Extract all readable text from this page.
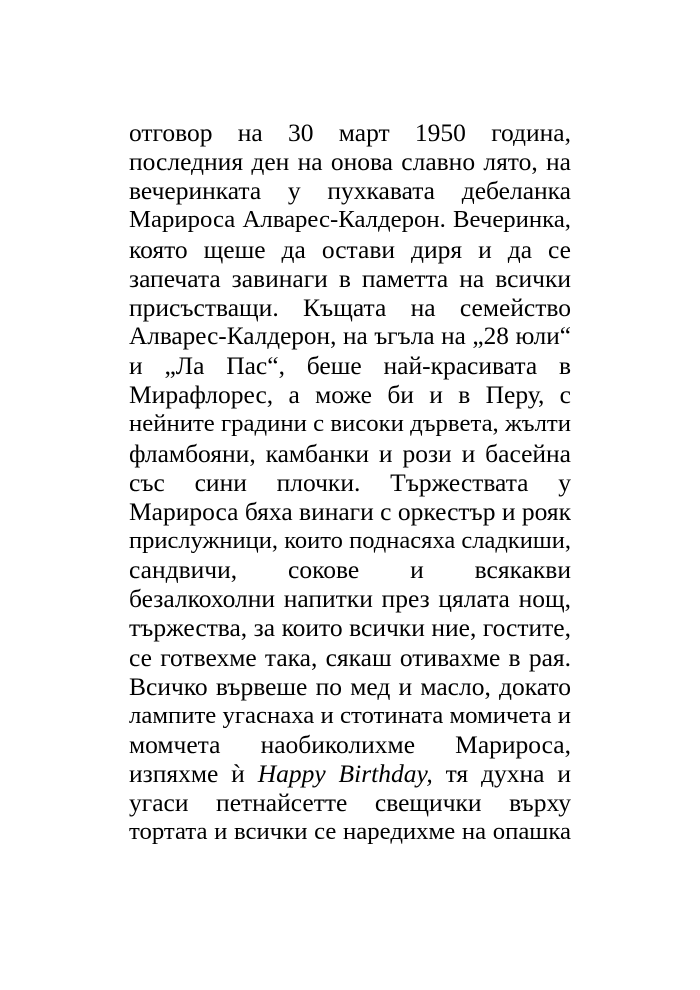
отговор на 30 март 1950 година,
последния ден на онова славно лято, на
вечеринката у пухкавата дебеланка
Марироса Алварес-Калдерон. Вечеринка,
която щеше да остави диря и да се
запечата завинаги в паметта на всички
присъстващи. Къщата на семейство
Алварес-Калдерон, на ъгъла на „28 юли“
и „Ла Пас“, беше най-красивата в
Мирафлорес, а може би и в Перу, с
нейните градини с високи дървета, жълти
фламбояни, камбанки и рози и басейна
със сини плочки. Тържествата у
Марироса бяха винаги с оркестър и рояк
прислужници, които поднасяха сладкиши,
сандвичи, сокове и всякакви
безалкохолни напитки през цялата нощ,
тържества, за които всички ние, гостите,
се готвехме така, сякаш отивахме в рая.
Всичко вървеше по мед и масло, докато
лампите угаснаха и стотината момичета и
момчета наобиколихме Марироса,
изпяхме ѝ Happy Birthday, тя духна и
угаси петнайсетте свещички върху
тортата и всички се наредихме на опашка
